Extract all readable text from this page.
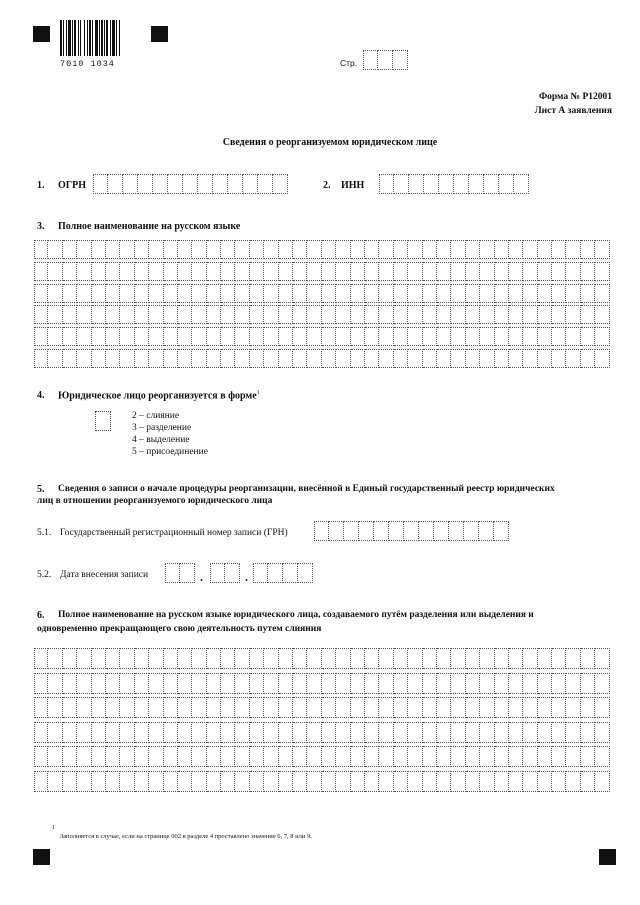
7010 1034	Стр.
Форма № Р12001
Лист А заявления
Сведения о реорганизуемом юридическом лице
1. ОГРН	2. ИНН
3. Полное наименование на русском языке
4. Юридическое лицо реорганизуется в форме$^1$
2 – слияние
3 – разделение
4 – выделение
5 – присоединение
5. Сведения о записи о начале процедуры реорганизации, внесённой в Единый государственный реестр юридических
лиц в отношении реорганизуемого юридического лица
5.1. Государственный регистрационный номер записи (ГРН)
5.2. Дата внесения записи	.	.
6. Полное наименование на русском языке юридического лица, создаваемого путём разделения или выделения и
одновременно прекращающего свою деятельность путем слияния
1
Заполняется в случае, если на странице 002 в разделе 4 проставлено значение 6, 7, 8 или 9.
